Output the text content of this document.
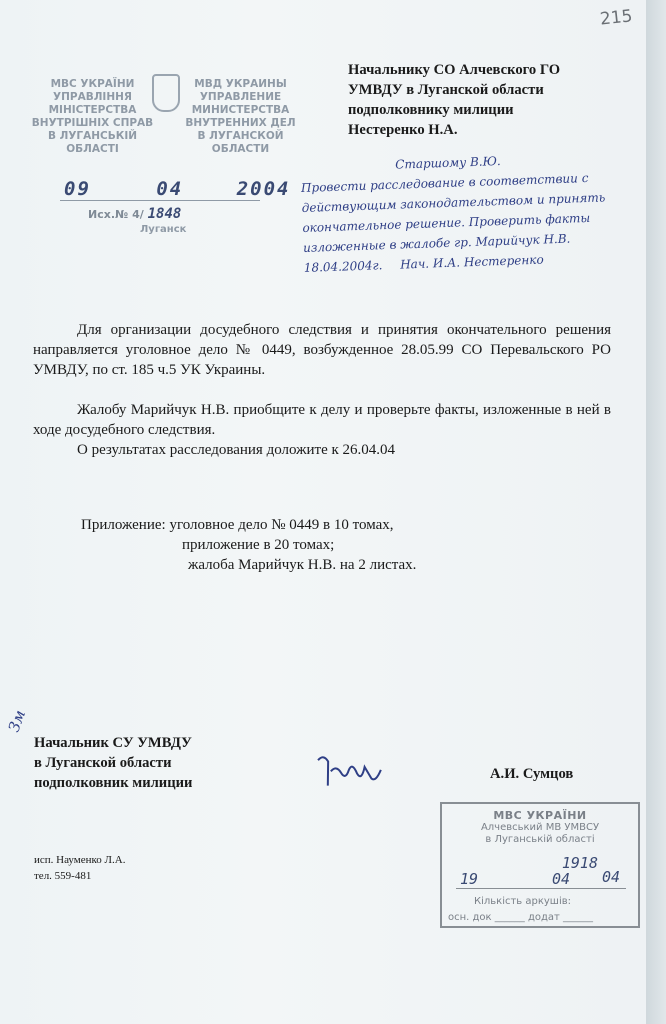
215
Начальнику СО Алчевского ГО
УМВДУ в Луганской области
подполковнику милиции
Нестеренко Н.А.
МВС УКРАЇНИ
УПРАВЛІННЯ
МІНІСТЕРСТВА
ВНУТРІШНІХ СПРАВ
В ЛУГАНСЬКІЙ
ОБЛАСТІ
МВД УКРАИНЫ
УПРАВЛЕНИЕ
МИНИСТЕРСТВА
ВНУТРЕННИХ ДЕЛ
В ЛУГАНСКОЙ
ОБЛАСТИ
09	04	2004
Исх.№ 4/ 1848
Луганск
Старшому В.Ю.
Провести расследование в соответствии с
действующим законодательством и принять
окончательное решение. Проверить факты
изложенные в жалобе гр. Марийчук Н.В.
18.04.2004г. Нач. И.А. Нестеренко

Для организации досудебного следствия и принятия окончательного решения направляется уголовное дело № 0449, возбужденное 28.05.99 СО Перевальского РО УМВДУ, по ст. 185 ч.5 УК Украины.

Жалобу Марийчук Н.В. приобщите к делу и проверьте факты, изложенные в ней в ходе досудебного следствия.

О результатах расследования доложите к 26.04.04

Приложение: уголовное дело № 0449 в 10 томах,
приложение в 20 томах;
жалоба Марийчук Н.В. на 2 листах.
Зм
Начальник СУ УМВДУ
в Луганской области
подполковник милиции
А.И. Сумцов
исп. Науменко Л.А.
тел. 559-481
МВС УКРАЇНИ
Алчевський МВ УМВСУ
в Луганській області
1918
19	04 04
Кількість аркушів:
осн. док ______ додат ______
